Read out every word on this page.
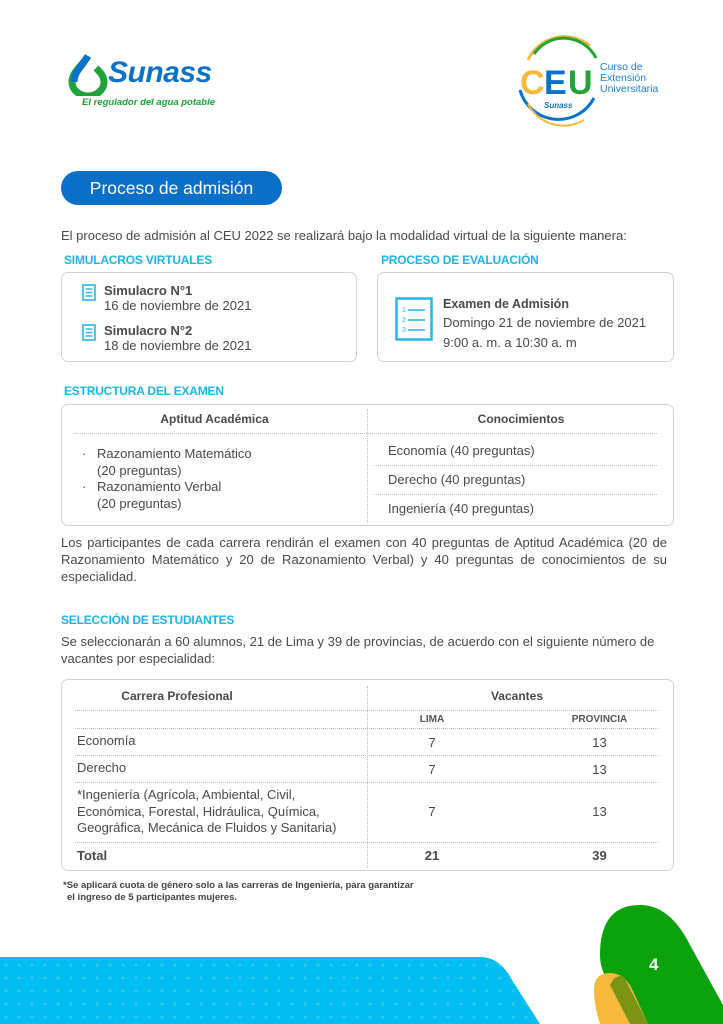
Sunass
El regulador del agua potable
C E U
Sunass
Curso de
Extensión
Universitaria
Proceso de admisión
El proceso de admisión al CEU 2022 se realizará bajo la modalidad virtual de la siguiente manera:
SIMULACROS VIRTUALES
Simulacro N°1
16 de noviembre de 2021
Simulacro N°2
18 de noviembre de 2021
PROCESO DE EVALUACIÓN
1
2
3
Examen de Admisión
Domingo 21 de noviembre de 2021
9:00 a. m. a 10:30 a. m
ESTRUCTURA DEL EXAMEN
Aptitud Académica	Conocimientos
· Razonamiento Matemático
(20 preguntas)
· Razonamiento Verbal
(20 preguntas)
Economía (40 preguntas)
Derecho (40 preguntas)
Ingeniería (40 preguntas)
Los participantes de cada carrera rendirán el examen con 40 preguntas de Aptitud Académica (20 de Razonamiento Matemático y 20 de Razonamiento Verbal) y 40 preguntas de conocimientos de su especialidad.
SELECCIÓN DE ESTUDIANTES
Se seleccionarán a 60 alumnos, 21 de Lima y 39 de provincias, de acuerdo con el siguiente número de vacantes por especialidad:
Carrera Profesional	Vacantes
LIMA	PROVINCIA
Economía	7	13
Derecho	7	13
*Ingeniería (Agrícola, Ambiental, Civil,
Económica, Forestal, Hidráulica, Química,
Geográfica, Mecánica de Fluidos y Sanitaria)
7	13
Total	21	39
*Se aplicará cuota de género solo a las carreras de Ingeniería, para garantizar
el ingreso de 5 participantes mujeres.
4
